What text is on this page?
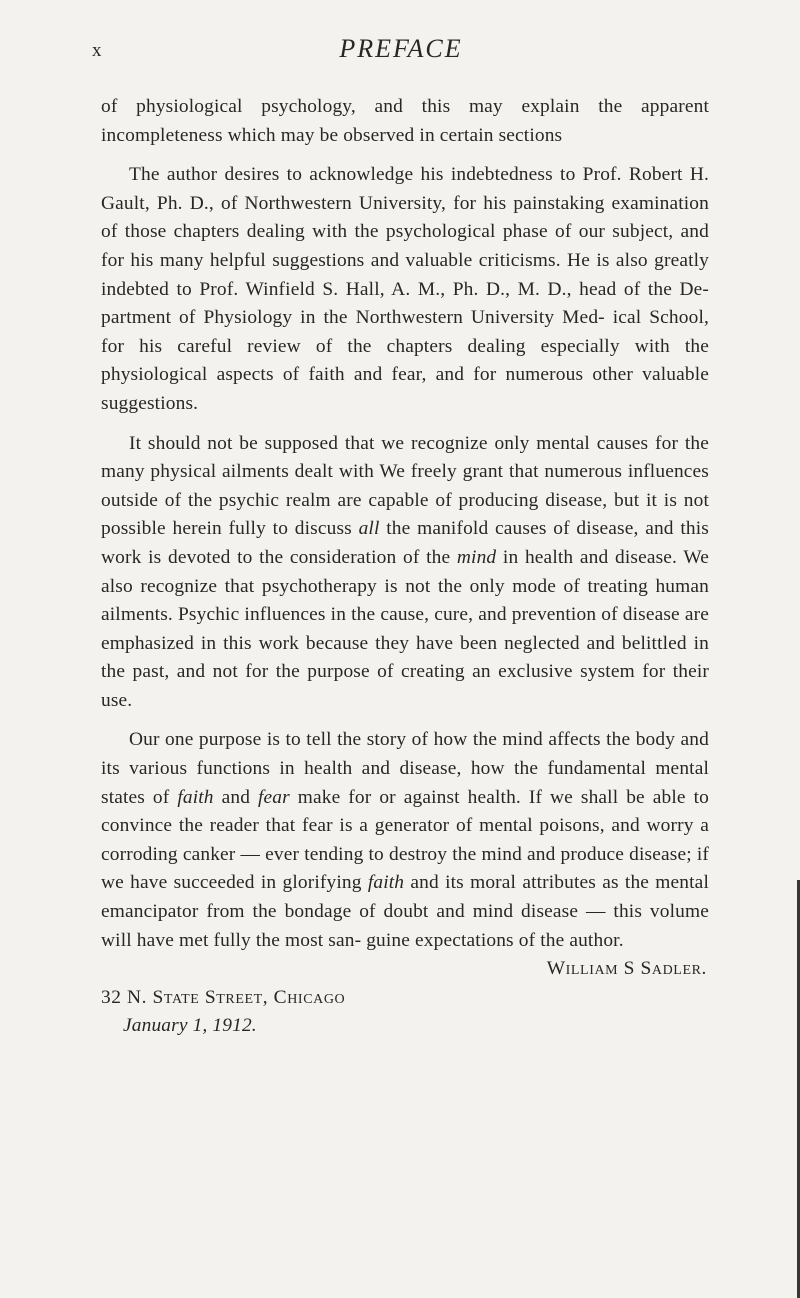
x	PREFACE

of physiological psychology, and this may explain the apparent incompleteness which may be observed in certain sections

The author desires to acknowledge his indebtedness to Prof. Robert H. Gault, Ph. D., of Northwestern University, for his painstaking examination of those chapters dealing with the psychological phase of our subject, and for his many helpful suggestions and valuable criticisms. He is also greatly indebted to Prof. Winfield S. Hall, A. M., Ph. D., M. D., head of the De- partment of Physiology in the Northwestern University Med- ical School, for his careful review of the chapters dealing especially with the physiological aspects of faith and fear, and for numerous other valuable suggestions.

It should not be supposed that we recognize only mental causes for the many physical ailments dealt with We freely grant that numerous influences outside of the psychic realm are capable of producing disease, but it is not possible herein fully to discuss all the manifold causes of disease, and this work is devoted to the consideration of the mind in health and disease. We also recognize that psychotherapy is not the only mode of treating human ailments. Psychic influences in the cause, cure, and prevention of disease are emphasized in this work because they have been neglected and belittled in the past, and not for the purpose of creating an exclusive system for their use.

Our one purpose is to tell the story of how the mind affects the body and its various functions in health and disease, how the fundamental mental states of faith and fear make for or against health. If we shall be able to convince the reader that fear is a generator of mental poisons, and worry a corroding canker — ever tending to destroy the mind and produce disease; if we have succeeded in glorifying faith and its moral attributes as the mental emancipator from the bondage of doubt and mind disease — this volume will have met fully the most san- guine expectations of the author.

William S Sadler.
32 N. State Street, Chicago
January 1, 1912.
